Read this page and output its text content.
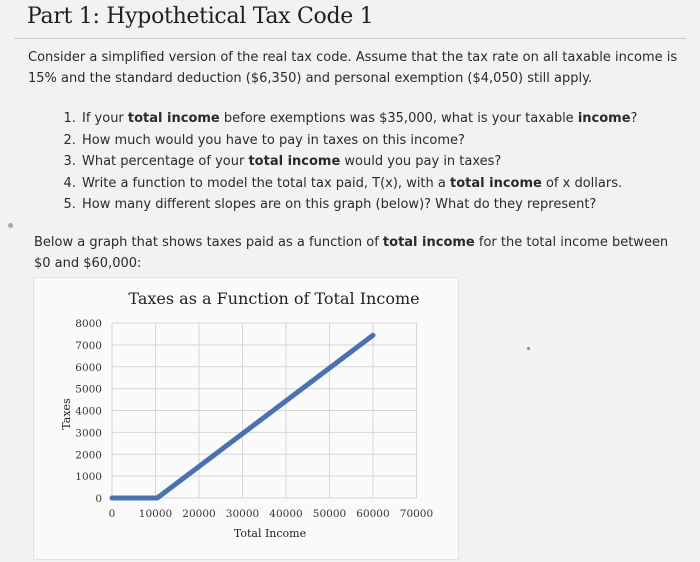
Part 1: Hypothetical Tax Code 1

Consider a simplified version of the real tax code. Assume that the tax rate on all taxable income is 15% and the standard deduction ($6,350) and personal exemption ($4,050) still apply.

1. If your total income before exemptions was $35,000, what is your taxable income?
2. How much would you have to pay in taxes on this income?
3. What percentage of your total income would you pay in taxes?
4. Write a function to model the total tax paid, T(x), with a total income of x dollars.
5. How many different slopes are on this graph (below)? What do they represent?

Below a graph that shows taxes paid as a function of total income for the total income between $0 and $60,000:

Taxes as a Function of Total Income
0
1000
2000
3000
4000
5000
6000
7000
8000
0 10000 20000 30000 40000 50000 60000 70000
Total Income
Taxes
